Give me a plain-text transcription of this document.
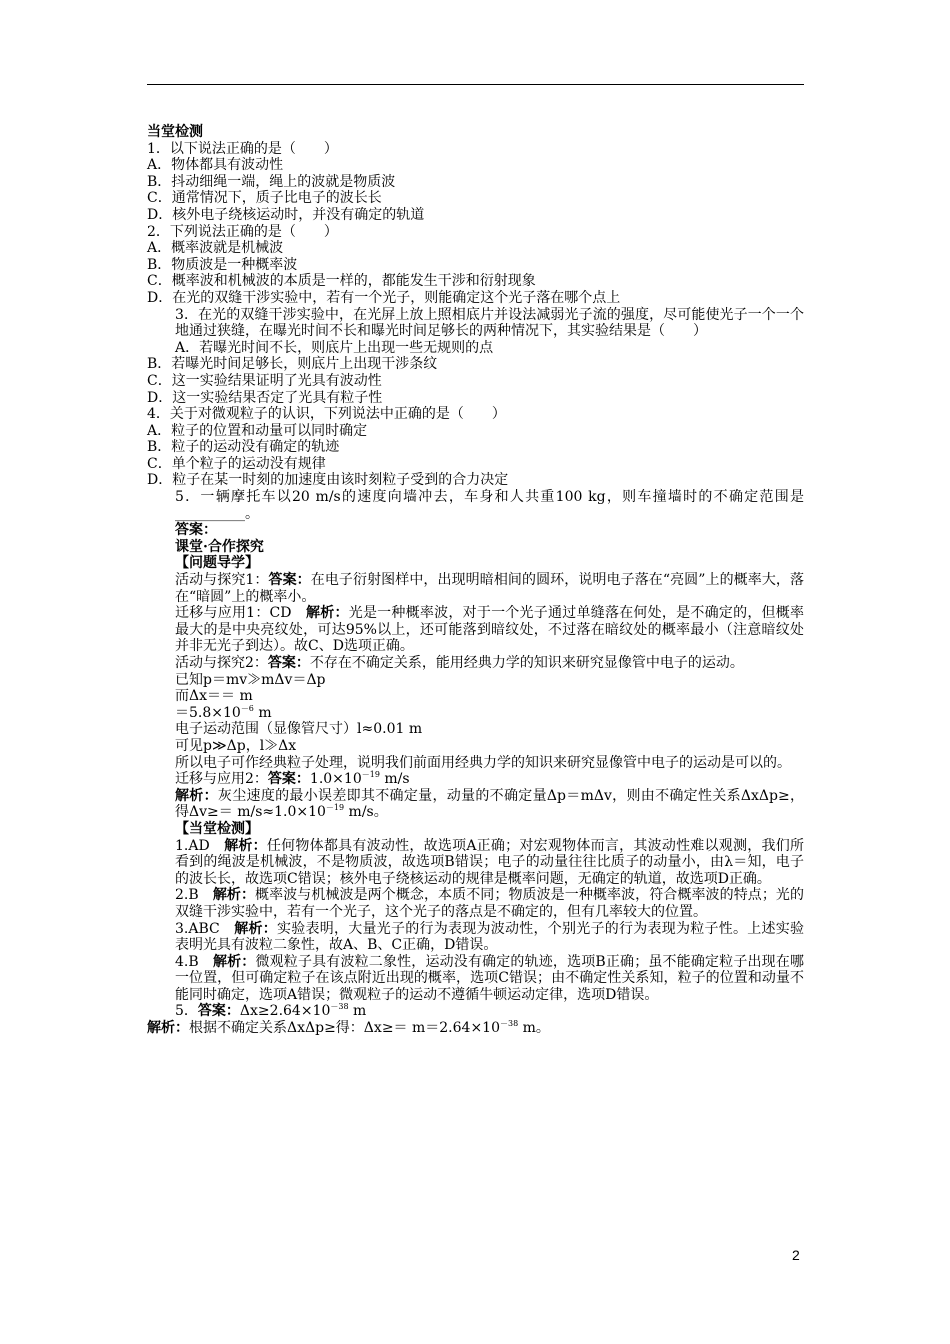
当堂检测
1．以下说法正确的是（　　）
A．物体都具有波动性
B．抖动细绳一端，绳上的波就是物质波
C．通常情况下，质子比电子的波长长
D．核外电子绕核运动时，并没有确定的轨道
2．下列说法正确的是（　　）
A．概率波就是机械波
B．物质波是一种概率波
C．概率波和机械波的本质是一样的，都能发生干涉和衍射现象
D．在光的双缝干涉实验中，若有一个光子，则能确定这个光子落在哪个点上
3．在光的双缝干涉实验中，在光屏上放上照相底片并设法减弱光子流的强度，尽可能使光子一个一个地通过狭缝，在曝光时间不长和曝光时间足够长的两种情况下，其实验结果是（　　）
A．若曝光时间不长，则底片上出现一些无规则的点
B．若曝光时间足够长，则底片上出现干涉条纹
C．这一实验结果证明了光具有波动性
D．这一实验结果否定了光具有粒子性
4．关于对微观粒子的认识，下列说法中正确的是（　　）
A．粒子的位置和动量可以同时确定
B．粒子的运动没有确定的轨迹
C．单个粒子的运动没有规律
D．粒子在某一时刻的加速度由该时刻粒子受到的合力决定
5．一辆摩托车以20 m/s的速度向墙冲去，车身和人共重100 kg，则车撞墙时的不确定范围是__________。
答案：
课堂·合作探究
【问题导学】
活动与探究1：答案：在电子衍射图样中，出现明暗相间的圆环，说明电子落在“亮圆”上的概率大，落在“暗圆”上的概率小。
迁移与应用1：CD　解析：光是一种概率波，对于一个光子通过单缝落在何处，是不确定的，但概率最大的是中央亮纹处，可达95%以上，还可能落到暗纹处，不过落在暗纹处的概率最小（注意暗纹处并非无光子到达）。故C、D选项正确。
活动与探究2：答案：不存在不确定关系，能用经典力学的知识来研究显像管中电子的运动。
已知p＝mv≫mΔv＝Δp
而Δx＝＝ m
$=5.8\times 10^{-6}$ m
电子运动范围（显像管尺寸）l≈0.01 m
可见p≫Δp，l≫Δx
所以电子可作经典粒子处理，说明我们前面用经典力学的知识来研究显像管中电子的运动是可以的。
迁移与应用2：答案：$1.0\times 10^{-19}$ m/s
解析：灰尘速度的最小误差即其不确定量，动量的不确定量Δp＝mΔv，则由不确定性关系ΔxΔp≥，得$\Delta v\ge= m/s\approx 1.0\times 10^{-19}$ m/s。
【当堂检测】
1.AD　解析：任何物体都具有波动性，故选项A正确；对宏观物体而言，其波动性难以观测，我们所看到的绳波是机械波，不是物质波，故选项B错误；电子的动量往往比质子的动量小，由λ＝知，电子的波长长，故选项C错误；核外电子绕核运动的规律是概率问题，无确定的轨道，故选项D正确。
2.B　解析：概率波与机械波是两个概念，本质不同；物质波是一种概率波，符合概率波的特点；光的双缝干涉实验中，若有一个光子，这个光子的落点是不确定的，但有几率较大的位置。
3.ABC　解析：实验表明，大量光子的行为表现为波动性，个别光子的行为表现为粒子性。上述实验表明光具有波粒二象性，故A、B、C正确，D错误。
4.B　解析：微观粒子具有波粒二象性，运动没有确定的轨迹，选项B正确；虽不能确定粒子出现在哪一位置，但可确定粒子在该点附近出现的概率，选项C错误；由不确定性关系知，粒子的位置和动量不能同时确定，选项A错误；微观粒子的运动不遵循牛顿运动定律，选项D错误。
5．答案：$\Delta x\ge 2.64\times 10^{-38}$ m
解析：根据不确定关系ΔxΔp≥得：$\Delta x\ge= m=2.64\times 10^{-38}$ m。
2
